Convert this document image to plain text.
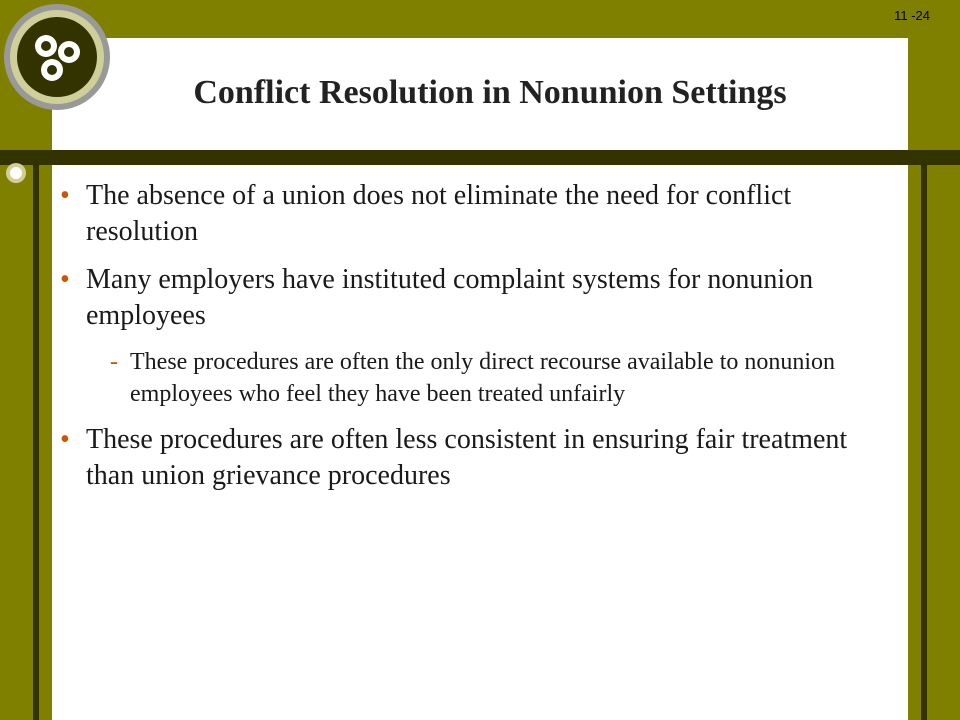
11 -24
Conflict Resolution in Nonunion Settings
• The absence of a union does not eliminate the need for conflict resolution
• Many employers have instituted complaint systems for nonunion employees
- These procedures are often the only direct recourse available to nonunion employees who feel they have been treated unfairly
• These procedures are often less consistent in ensuring fair treatment than union grievance procedures
